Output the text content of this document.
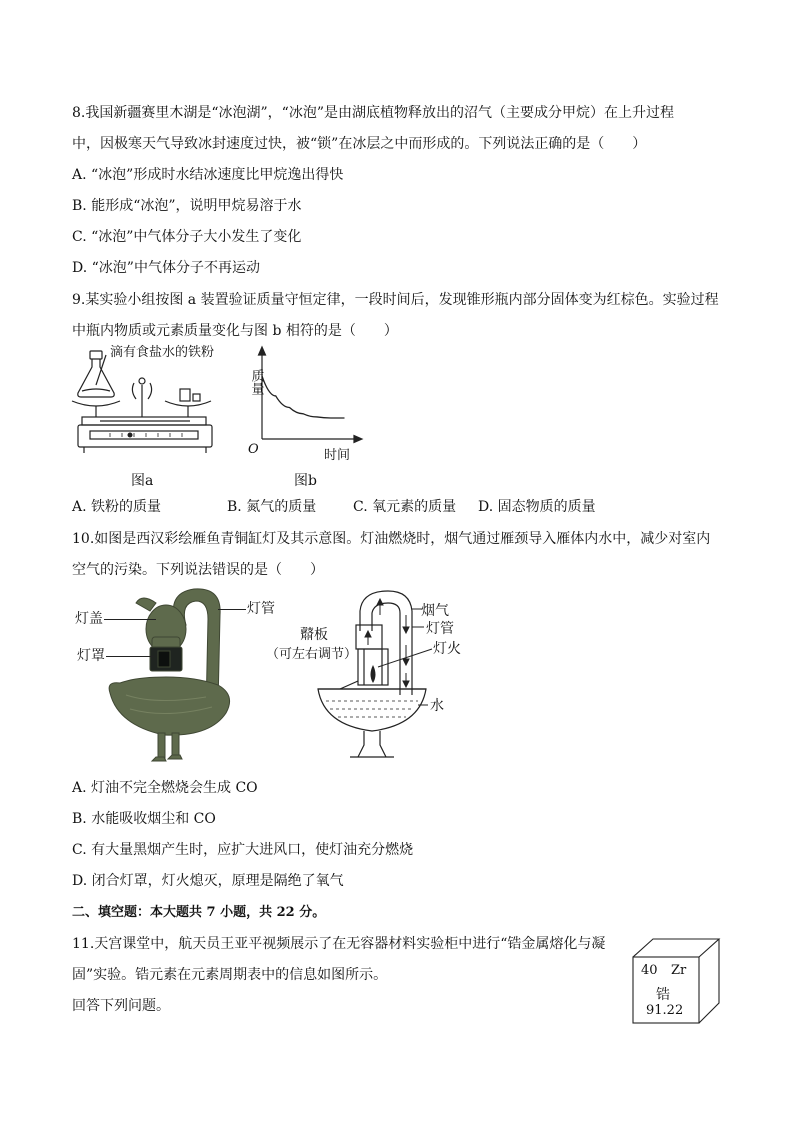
8.我国新疆赛里木湖是“冰泡湖”，“冰泡”是由湖底植物释放出的沼气（主要成分甲烷）在上升过程
中，因极寒天气导致冰封速度过快，被“锁”在冰层之中而形成的。下列说法正确的是（　　）
A. “冰泡”形成时水结冰速度比甲烷逸出得快
B. 能形成“冰泡”，说明甲烷易溶于水
C. “冰泡”中气体分子大小发生了变化
D. “冰泡”中气体分子不再运动
9.某实验小组按图 a 装置验证质量守恒定律，一段时间后，发现锥形瓶内部分固体变为红棕色。实验过程
中瓶内物质或元素质量变化与图 b 相符的是（　　）
滴有食盐水的铁粉
图a
质量
O	时间
图b
A. 铁粉的质量	B. 氮气的质量	C. 氧元素的质量 D. 固态物质的质量
10.如图是西汉彩绘雁鱼青铜缸灯及其示意图。灯油燃烧时，烟气通过雁颈导入雁体内水中，减少对室内
空气的污染。下列说法错误的是（　　）
灯盖
灯管
灯罩
烟气
灯管
鼘板
（可左右调节）	灯火
水
A. 灯油不完全燃烧会生成 CO
B. 水能吸收烟尘和 CO
C. 有大量黑烟产生时，应扩大进风口，使灯油充分燃烧
D. 闭合灯罩，灯火熄灭，原理是隔绝了氧气
二、填空题：本大题共 7 小题，共 22 分。
11.天宫课堂中，航天员王亚平视频展示了在无容器材料实验柜中进行“锆金属熔化与凝
固”实验。锆元素在元素周期表中的信息如图所示。
回答下列问题。
40 Zr
锆
91.22
